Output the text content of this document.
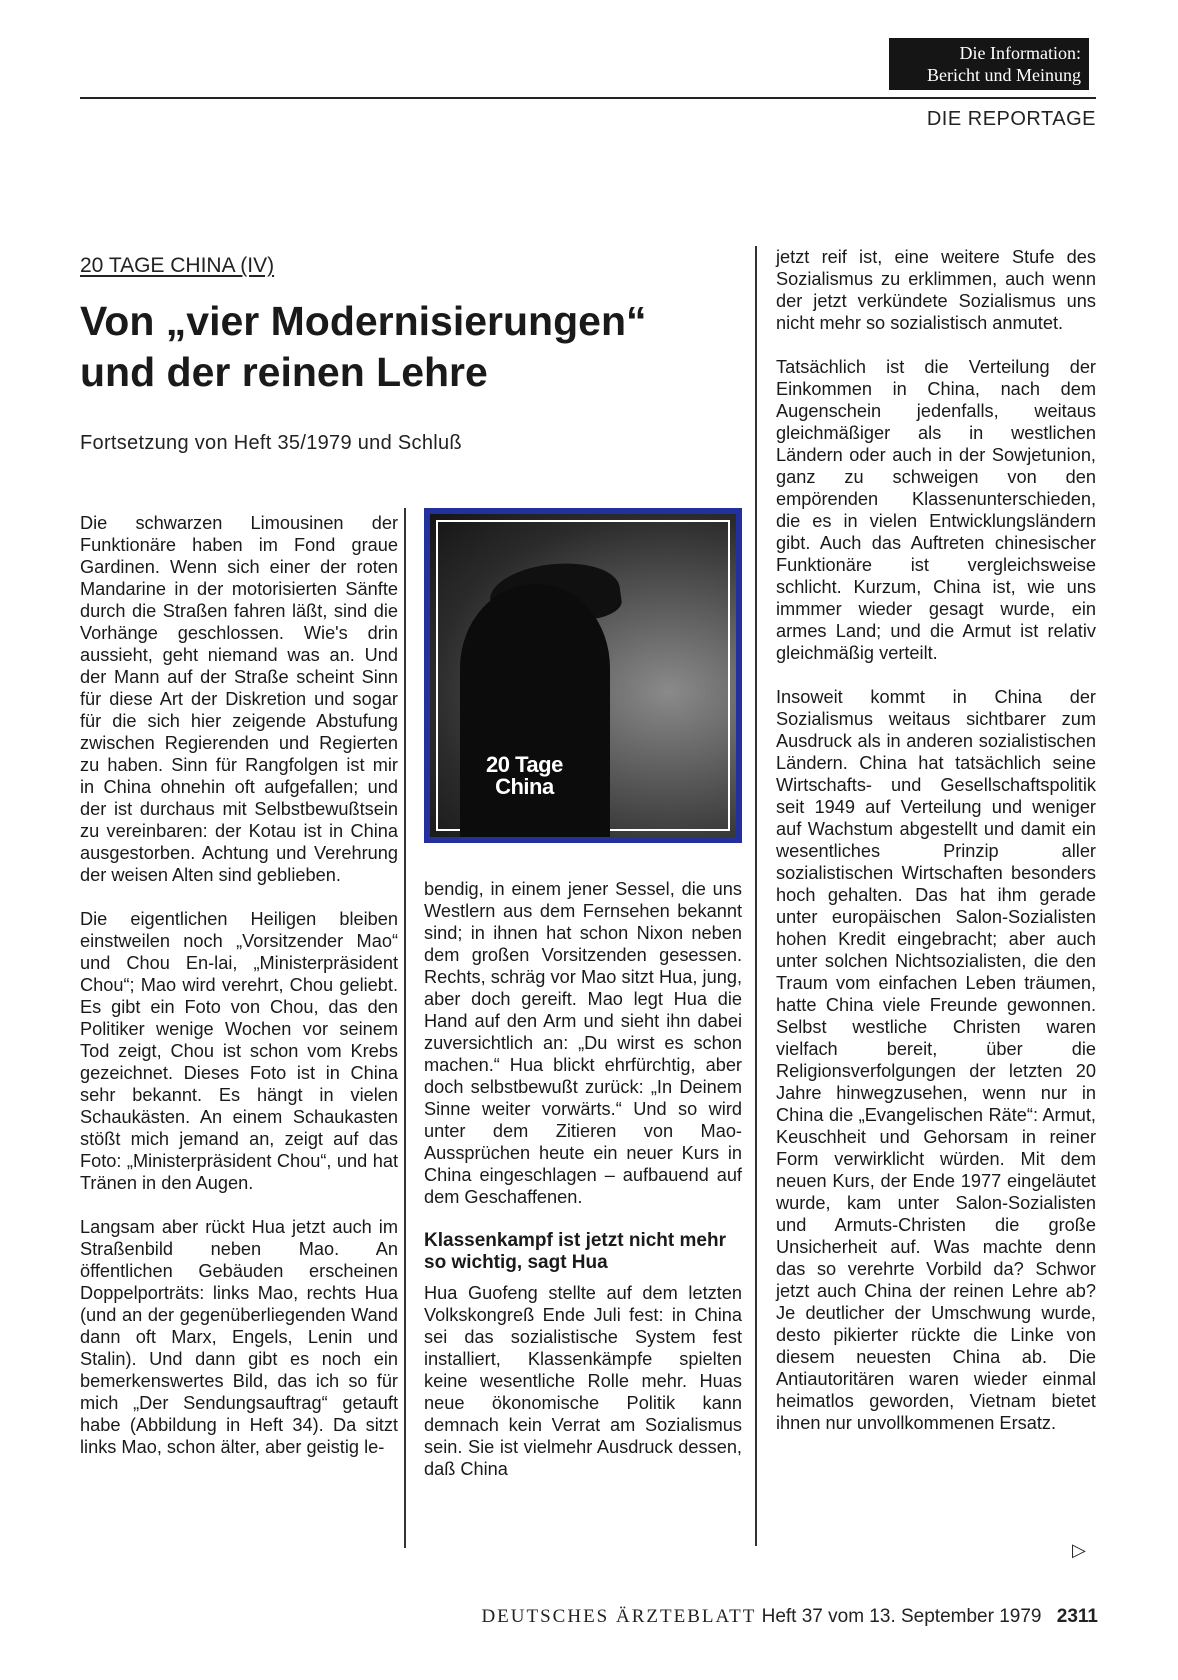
Die Information:
Bericht und Meinung
DIE REPORTAGE
20 TAGE CHINA (IV)
Von „vier Modernisierungen“
und der reinen Lehre
Fortsetzung von Heft 35/1979 und Schluß

Die schwarzen Limousinen der Funktionäre haben im Fond graue Gardinen. Wenn sich einer der roten Mandarine in der motorisierten Sänfte durch die Straßen fahren läßt, sind die Vorhänge geschlossen. Wie's drin aussieht, geht niemand was an. Und der Mann auf der Straße scheint Sinn für diese Art der Diskretion und sogar für die sich hier zeigende Abstufung zwischen Regierenden und Regierten zu haben. Sinn für Rangfolgen ist mir in China ohnehin oft aufgefallen; und der ist durchaus mit Selbstbewußtsein zu vereinbaren: der Kotau ist in China ausgestorben. Achtung und Verehrung der weisen Alten sind geblieben.

Die eigentlichen Heiligen bleiben einstweilen noch „Vorsitzender Mao“ und Chou En-lai, „Ministerpräsident Chou“; Mao wird verehrt, Chou geliebt. Es gibt ein Foto von Chou, das den Politiker wenige Wochen vor seinem Tod zeigt, Chou ist schon vom Krebs gezeichnet. Dieses Foto ist in China sehr bekannt. Es hängt in vielen Schaukästen. An einem Schaukasten stößt mich jemand an, zeigt auf das Foto: „Ministerpräsident Chou“, und hat Tränen in den Augen.

Langsam aber rückt Hua jetzt auch im Straßenbild neben Mao. An öffentlichen Gebäuden erscheinen Doppelporträts: links Mao, rechts Hua (und an der gegenüberliegenden Wand dann oft Marx, Engels, Lenin und Stalin). Und dann gibt es noch ein bemerkenswertes Bild, das ich so für mich „Der Sendungsauftrag“ getauft habe (Abbildung in Heft 34). Da sitzt links Mao, schon älter, aber geistig le-

20 Tage
China

bendig, in einem jener Sessel, die uns Westlern aus dem Fernsehen bekannt sind; in ihnen hat schon Nixon neben dem großen Vorsitzenden gesessen. Rechts, schräg vor Mao sitzt Hua, jung, aber doch gereift. Mao legt Hua die Hand auf den Arm und sieht ihn dabei zuversichtlich an: „Du wirst es schon machen.“ Hua blickt ehrfürchtig, aber doch selbstbewußt zurück: „In Deinem Sinne weiter vorwärts.“ Und so wird unter dem Zitieren von Mao-Aussprüchen heute ein neuer Kurs in China eingeschlagen – aufbauend auf dem Geschaffenen.

Klassenkampf ist jetzt nicht mehr so wichtig, sagt Hua

Hua Guofeng stellte auf dem letzten Volkskongreß Ende Juli fest: in China sei das sozialistische System fest installiert, Klassenkämpfe spielten keine wesentliche Rolle mehr. Huas neue ökonomische Politik kann demnach kein Verrat am Sozialismus sein. Sie ist vielmehr Ausdruck dessen, daß China

jetzt reif ist, eine weitere Stufe des Sozialismus zu erklimmen, auch wenn der jetzt verkündete Sozialismus uns nicht mehr so sozialistisch anmutet.

Tatsächlich ist die Verteilung der Einkommen in China, nach dem Augenschein jedenfalls, weitaus gleichmäßiger als in westlichen Ländern oder auch in der Sowjetunion, ganz zu schweigen von den empörenden Klassenunterschieden, die es in vielen Entwicklungsländern gibt. Auch das Auftreten chinesischer Funktionäre ist vergleichsweise schlicht. Kurzum, China ist, wie uns immmer wieder gesagt wurde, ein armes Land; und die Armut ist relativ gleichmäßig verteilt.

Insoweit kommt in China der Sozialismus weitaus sichtbarer zum Ausdruck als in anderen sozialistischen Ländern. China hat tatsächlich seine Wirtschafts- und Gesellschaftspolitik seit 1949 auf Verteilung und weniger auf Wachstum abgestellt und damit ein wesentliches Prinzip aller sozialistischen Wirtschaften besonders hoch gehalten. Das hat ihm gerade unter europäischen Salon-Sozialisten hohen Kredit eingebracht; aber auch unter solchen Nichtsozialisten, die den Traum vom einfachen Leben träumen, hatte China viele Freunde gewonnen. Selbst westliche Christen waren vielfach bereit, über die Religionsverfolgungen der letzten 20 Jahre hinwegzusehen, wenn nur in China die „Evangelischen Räte“: Armut, Keuschheit und Gehorsam in reiner Form verwirklicht würden. Mit dem neuen Kurs, der Ende 1977 eingeläutet wurde, kam unter Salon-Sozialisten und Armuts-Christen die große Unsicherheit auf. Was machte denn das so verehrte Vorbild da? Schwor jetzt auch China der reinen Lehre ab? Je deutlicher der Umschwung wurde, desto pikierter rückte die Linke von diesem neuesten China ab. Die Antiautoritären waren wieder einmal heimatlos geworden, Vietnam bietet ihnen nur unvollkommenen Ersatz.

▷
DEUTSCHES ÄRZTEBLATT Heft 37 vom 13. September 1979 2311
